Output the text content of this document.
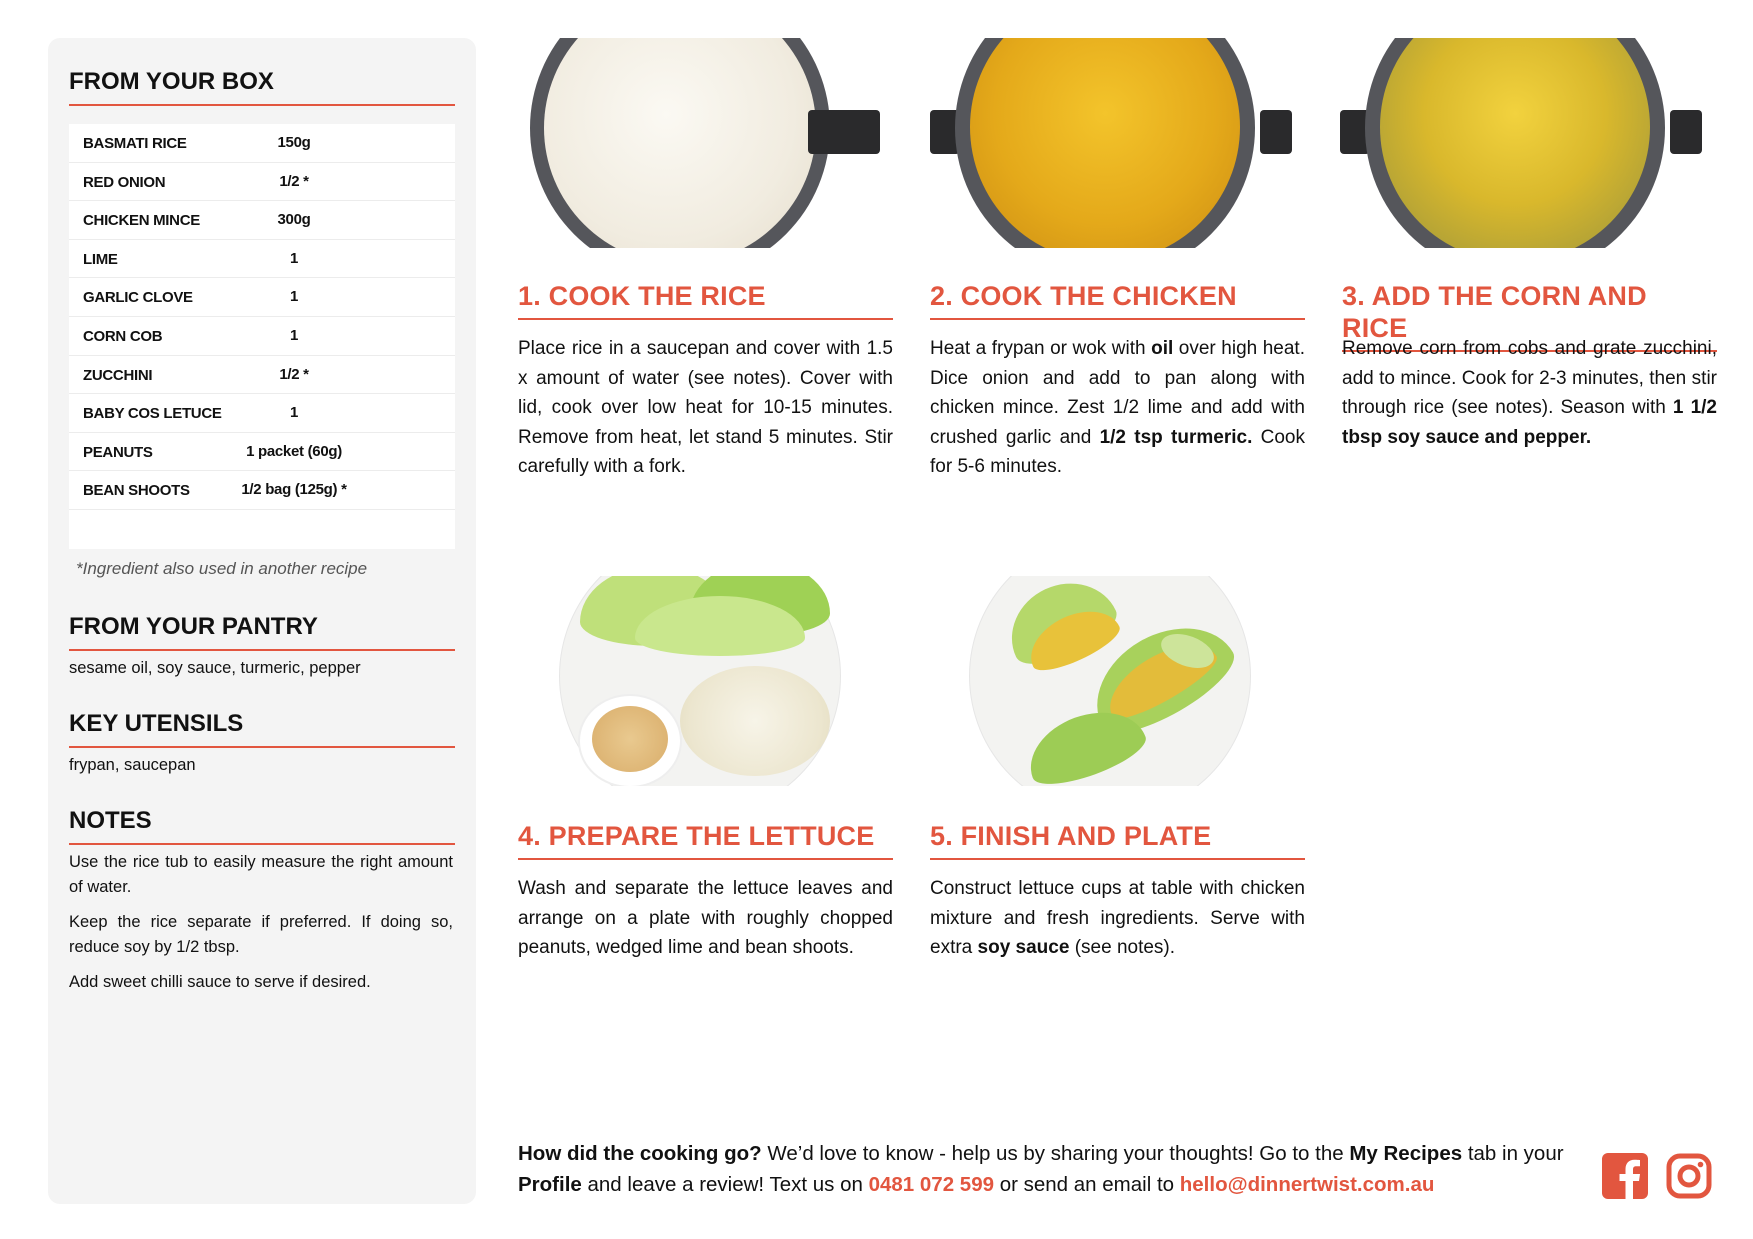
FROM YOUR BOX
BASMATI RICE	150g
RED ONION	1/2 *
CHICKEN MINCE	300g
LIME	1
GARLIC CLOVE	1
CORN COB	1
ZUCCHINI	1/2 *
BABY COS LETUCE	1
PEANUTS	1 packet (60g)
BEAN SHOOTS	1/2 bag (125g) *
*Ingredient also used in another recipe
FROM YOUR PANTRY
sesame oil, soy sauce, turmeric, pepper
KEY UTENSILS
frypan, saucepan
NOTES
Use the rice tub to easily measure the right amount of water.
Keep the rice separate if preferred. If doing so, reduce soy by 1/2 tbsp.
Add sweet chilli sauce to serve if desired.
1. COOK THE RICE
Place rice in a saucepan and cover with 1.5 x amount of water (see notes). Cover with lid, cook over low heat for 10-15 minutes. Remove from heat, let stand 5 minutes. Stir carefully with a fork.
2. COOK THE CHICKEN
Heat a frypan or wok with oil over high heat. Dice onion and add to pan along with chicken mince. Zest 1/2 lime and add with crushed garlic and 1/2 tsp turmeric. Cook for 5-6 minutes.
3. ADD THE CORN AND RICE
Remove corn from cobs and grate zucchini, add to mince. Cook for 2-3 minutes, then stir through rice (see notes). Season with 1 1/2 tbsp soy sauce and pepper.
4. PREPARE THE LETTUCE
Wash and separate the lettuce leaves and arrange on a plate with roughly chopped peanuts, wedged lime and bean shoots.
5. FINISH AND PLATE
Construct lettuce cups at table with chicken mixture and fresh ingredients. Serve with extra soy sauce (see notes).
How did the cooking go? We’d love to know - help us by sharing your thoughts! Go to the My Recipes tab in your Profile and leave a review! Text us on 0481 072 599 or send an email to hello@dinnertwist.com.au
